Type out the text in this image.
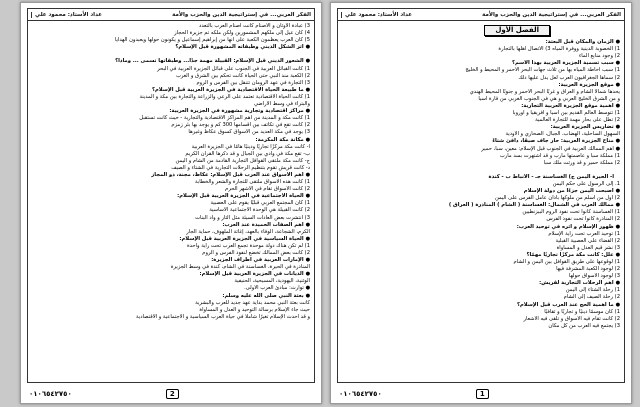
الفكر العربي... في إستراتيجية الدين والحزب والأمة
عداد الأستاذ: محمود علي
3) عبادة الأوثان و الأصنام كانت أصنام العرب بالتعدد
4) كان عيل إلى ملكهم المشمورين ولكن ملكه تم جزيرة الحجاز
5) كان العرب يعظمون الكعبة على أنها من إبراهيم إسماعيل و يكونون حولها ويعبدون الهدايا
● أثر الشكل الديني وطبقاته المشهورة قبل الإسلام؟
● الشعور الديني قبل الإسلام: القبيلة مهمة جدًا... وطبقاتها تسمى ... وماذا؟
1) كانت القبائل العربية في الجنوب على قبائل الجزيرة العربية في البحر
2) الكعبة منذ النبي حتى الحياة كانت تحكم بين الشرق و الغرب
3) التجارة في عهد الرومان تتنقل بين الفرس و الروم
● ما طبيعة الحياة الاقتصادية في الجزيرة العربية قبل الإسلام؟
1) كانت الحياة الاقتصادية تعتمد على الرعي والزراعة والتجارة بين مكة و المدينة
والبتراء في وسط الأراضي
● مراكز اقتصادية وتجارية مشهورة في الجزيرة العربية:
1) كانت مكة و المدينة من أهم المراكز الاقتصادية والتجارية - حيث كانت تستقبل
2) كانت تقع في تكاتف بين أقسامها 300 كم و يوجد بها بئر زمزم
3) يوجد في مكة العديد من الأسواق كسوق عكاظ وغيرها
● مكانة مكة المكرمة:
أ- كانت مكة مركزًا تجاريًا ودينيًا هامًا في الجزيرة العربية
ب- تقع مكة في وادي بين الجبال و قد ذكرها القرآن الكريم
ج- كانت مكة ملتقى القوافل التجارية القادمة من الشام و اليمن
د- كانت قريش تقوم بتنظيم الرحلات التجارية في الشتاء و الصيف
● أهم الأسواق عند العرب قبل الإسلام: عكاظ، مجنة، ذو المجاز
1) كانت هذه الأسواق ملتقى للتجارة والشعر والخطابة
2) كانت الأسواق تقام في الأشهر الحرم
● الحياة الاجتماعية في الجزيرة العربية قبل الإسلام:
1) كان المجتمع العربي قبليًا يقوم على العصبية
2) كانت القبيلة هي الوحدة الاجتماعية الأساسية
3) انتشرت بعض العادات السيئة مثل الثأر و وأد البنات
● أهم الصفات الحميدة عند العرب:
الكرم، الشجاعة، الوفاء بالعهد، إغاثة الملهوف، حماية الجار
● الحياة السياسية في الجزيرة العربية قبل الإسلام:
1) لم تكن هناك دولة موحدة تجمع العرب تحت راية واحدة
2) كانت بعض الممالك تخضع لنفوذ الفرس و الروم
● الإمارات العربية في أطراف الجزيرة:
المناذرة في الحيرة، الغساسنة في الشام، كندة في وسط الجزيرة
● الديانات في الجزيرة العربية قبل الإسلام:
الوثنية، اليهودية، المسيحية، الحنيفية
● توارث: مبادئ العرب الأولى.
● بعثة النبي صلى الله عليه وسلم:
كانت بعثة النبي محمد بداية عهد جديد للعرب والبشرية
حيث جاء الإسلام برسالة التوحيد و العدل و المساواة
و قد أحدث الإسلام تغيرًا شاملاً في حياة العرب السياسية و الاجتماعية و الاقتصادية
٠١٠٦٥٤٢٧٥٠	2
الفكر العربي... في إستراتيجية الدين والحزب والأمة
عداد الأستاذ: محمود علي
الفصل الأول
● الزمان والمكان قبل البعثة:
1) الخصوبة الدينية ووفرة المياه 3) الاتصال أهلها بالتجارة
2) وجود منابع الماء
● سبب تسمية الجزيرة العربية بهذا الاسم؟
1) سبب أحاطة المياه بها من ثلاث جهات البحر الأحمر و المحيط و الخليج
2) سماها الجغرافيون العرب لعل يدل عليها ذلك
● موقع الجزيرة العربية:
يحدها شمالاً الشام و العراق و غربًا البحر الأحمر و جنوبًا المحيط الهندي
و من الشرق الخليج العربي و هي في الجنوب الغربي من قارة آسيا
● أهمية موقع الجزيرة العربية التجارية:
1) تتوسط العالم القديم بين آسيا و أفريقيا و أوروبا
2) تطل على بحار مهمة للتجارة العالمية
● تضاريس الجزيرة العربية:
السهول الساحلية، الهضاب، الجبال، الصحاري و الأودية
● مناخ الجزيرة العربية: حار جاف صيفًا، دافئ شتاءً
● أهم الممالك العربية في الجنوب قبل الإسلام: معين، سبأ، حمير
1) مملكة سبأ و عاصمتها مأرب و قد اشتهرت بسد مأرب
2) مملكة حمير و قد ورثت ملك سبأ
أ- الحيرة اليمن ج) الغساسنة جـ - الأنباط ب - كندة
1. إلى الرسول على حكم اليمن
● أصبحت اليمن جزءًا من دولة الإسلام
2) أول من أسلم من ملوكها باذان عامل الفرس على اليمن
● ممالك العرب في الشمال: الغساسنة ( الشام ) المناذرة ( العراق )
1) الغساسنة كانوا تحت نفوذ الروم البيزنطيين
2) المناذرة كانوا تحت نفوذ الفرس
● ظهور الإسلام و أثره في توحيد العرب:
1) توحيد العرب تحت راية الإسلام
2) القضاء على العصبية القبلية
3) نشر قيم العدل و المساواة
● علل: كانت مكة مركزًا تجاريًا مهمًا؟
1) لوقوعها على طريق القوافل بين اليمن و الشام
2) لوجود الكعبة المشرفة فيها
3) لوجود الأسواق حولها
● أهم الرحلات التجارية لقريش:
1) رحلة الشتاء إلى اليمن
2) رحلة الصيف إلى الشام
● ما أهمية الحج عند العرب قبل الإسلام؟
1) كان موسمًا دينيًا و تجاريًا و ثقافيًا
2) كانت تقام فيه الأسواق و تلقى فيه الأشعار
3) يجتمع فيه العرب من كل مكان
٠١٠٦٥٤٢٧٥٠	1
